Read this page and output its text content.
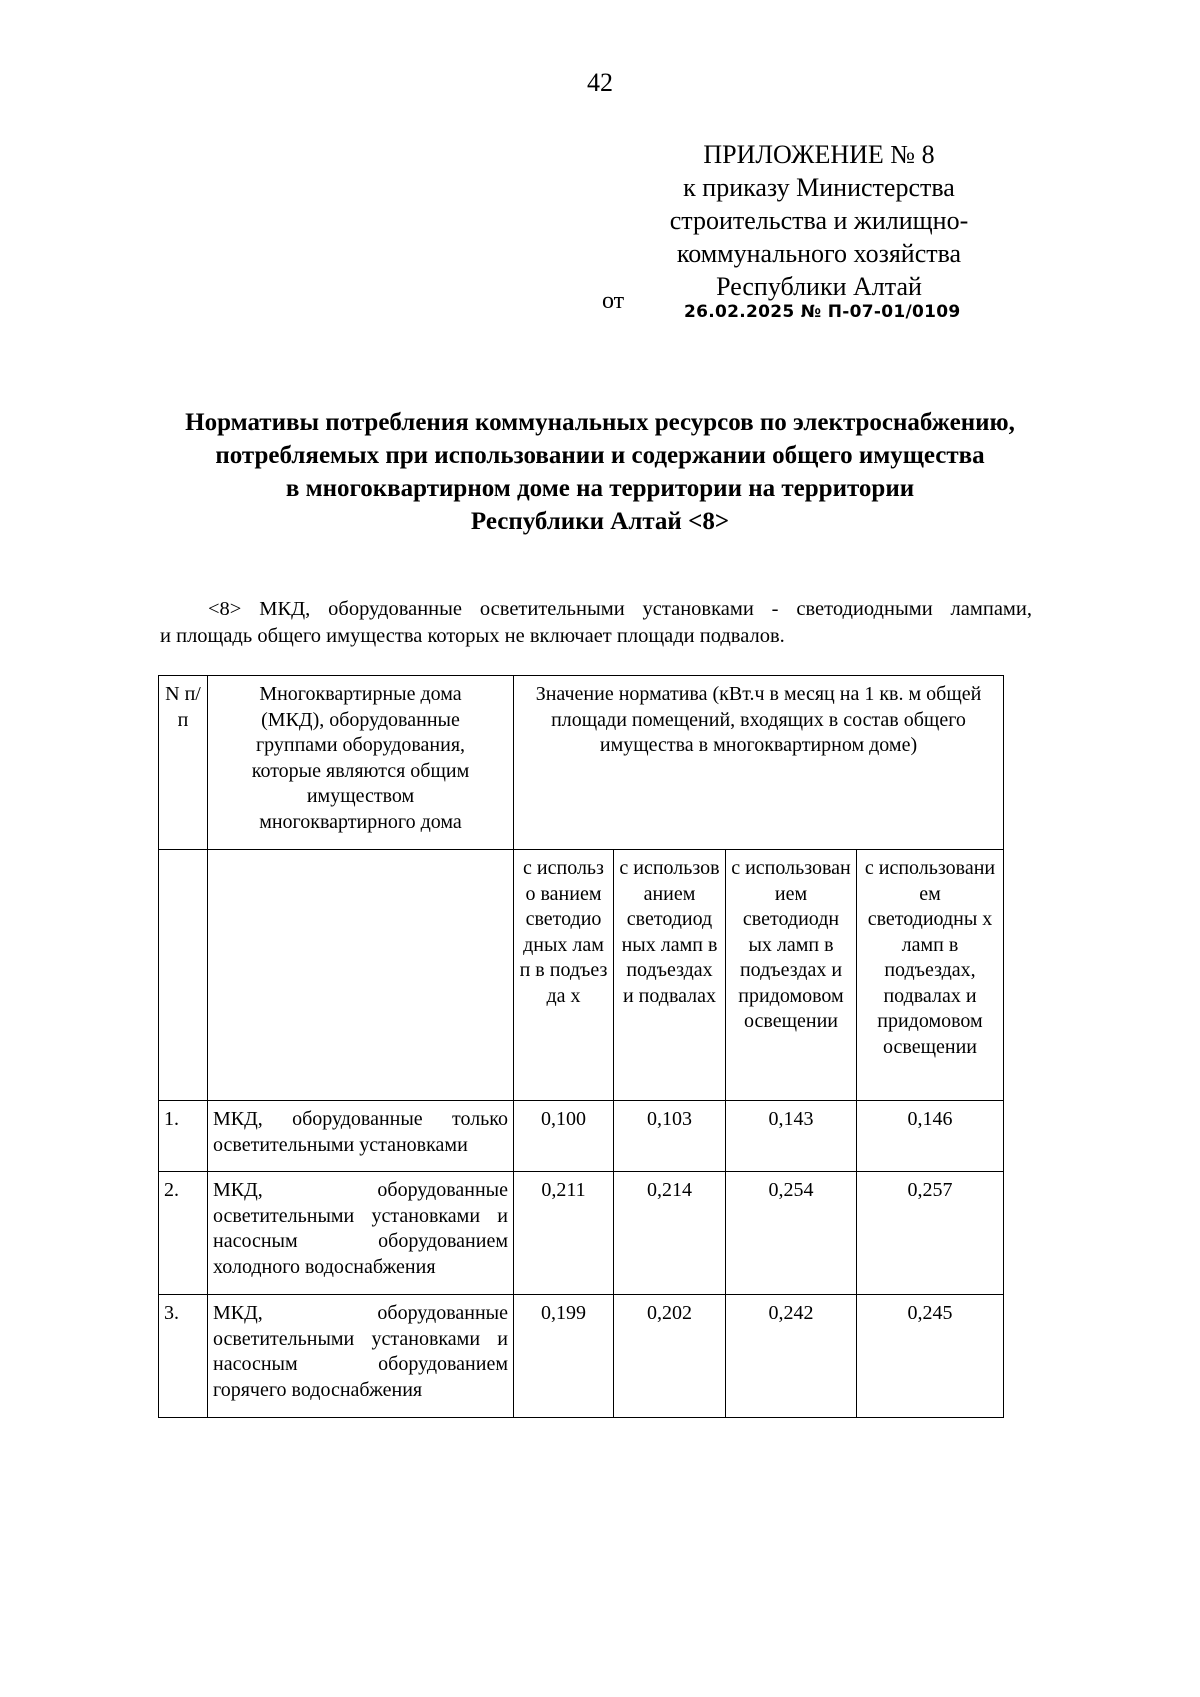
42
ПРИЛОЖЕНИЕ № 8
к приказу Министерства
строительства и жилищно-
коммунального хозяйства
Республики Алтай
от	26.02.2025 № П-07-01/0109
Нормативы потребления коммунальных ресурсов по электроснабжению,
потребляемых при использовании и содержании общего имущества
в многоквартирном доме на территории на территории
Республики Алтай <8>
<8> МКД, оборудованные осветительными установками - светодиодными лампами,
и площадь общего имущества которых не включает площади подвалов.
N п/п	Многоквартирные дома (МКД), оборудованные группами оборудования, которые являются общим имуществом многоквартирного дома	Значение норматива (кВт.ч в месяц на 1 кв. м общей площади помещений, входящих в состав общего имущества в многоквартирном доме)			
		с использо ванием светодио дных ламп в подъезда х	с использов анием светодиод ных ламп в подъездах и подвалах	с использован ием светодиодн ых ламп в подъездах и придомовом освещении	с использовани ем светодиодны х ламп в подъездах, подвалах и придомовом освещении
1.	МКД, оборудованные только осветительными установками	0,100	0,103	0,143	0,146
2.	МКД, оборудованные осветительными установками и насосным оборудованием холодного водоснабжения	0,211	0,214	0,254	0,257
3.	МКД, оборудованные осветительными установками и насосным оборудованием горячего водоснабжения	0,199	0,202	0,242	0,245
